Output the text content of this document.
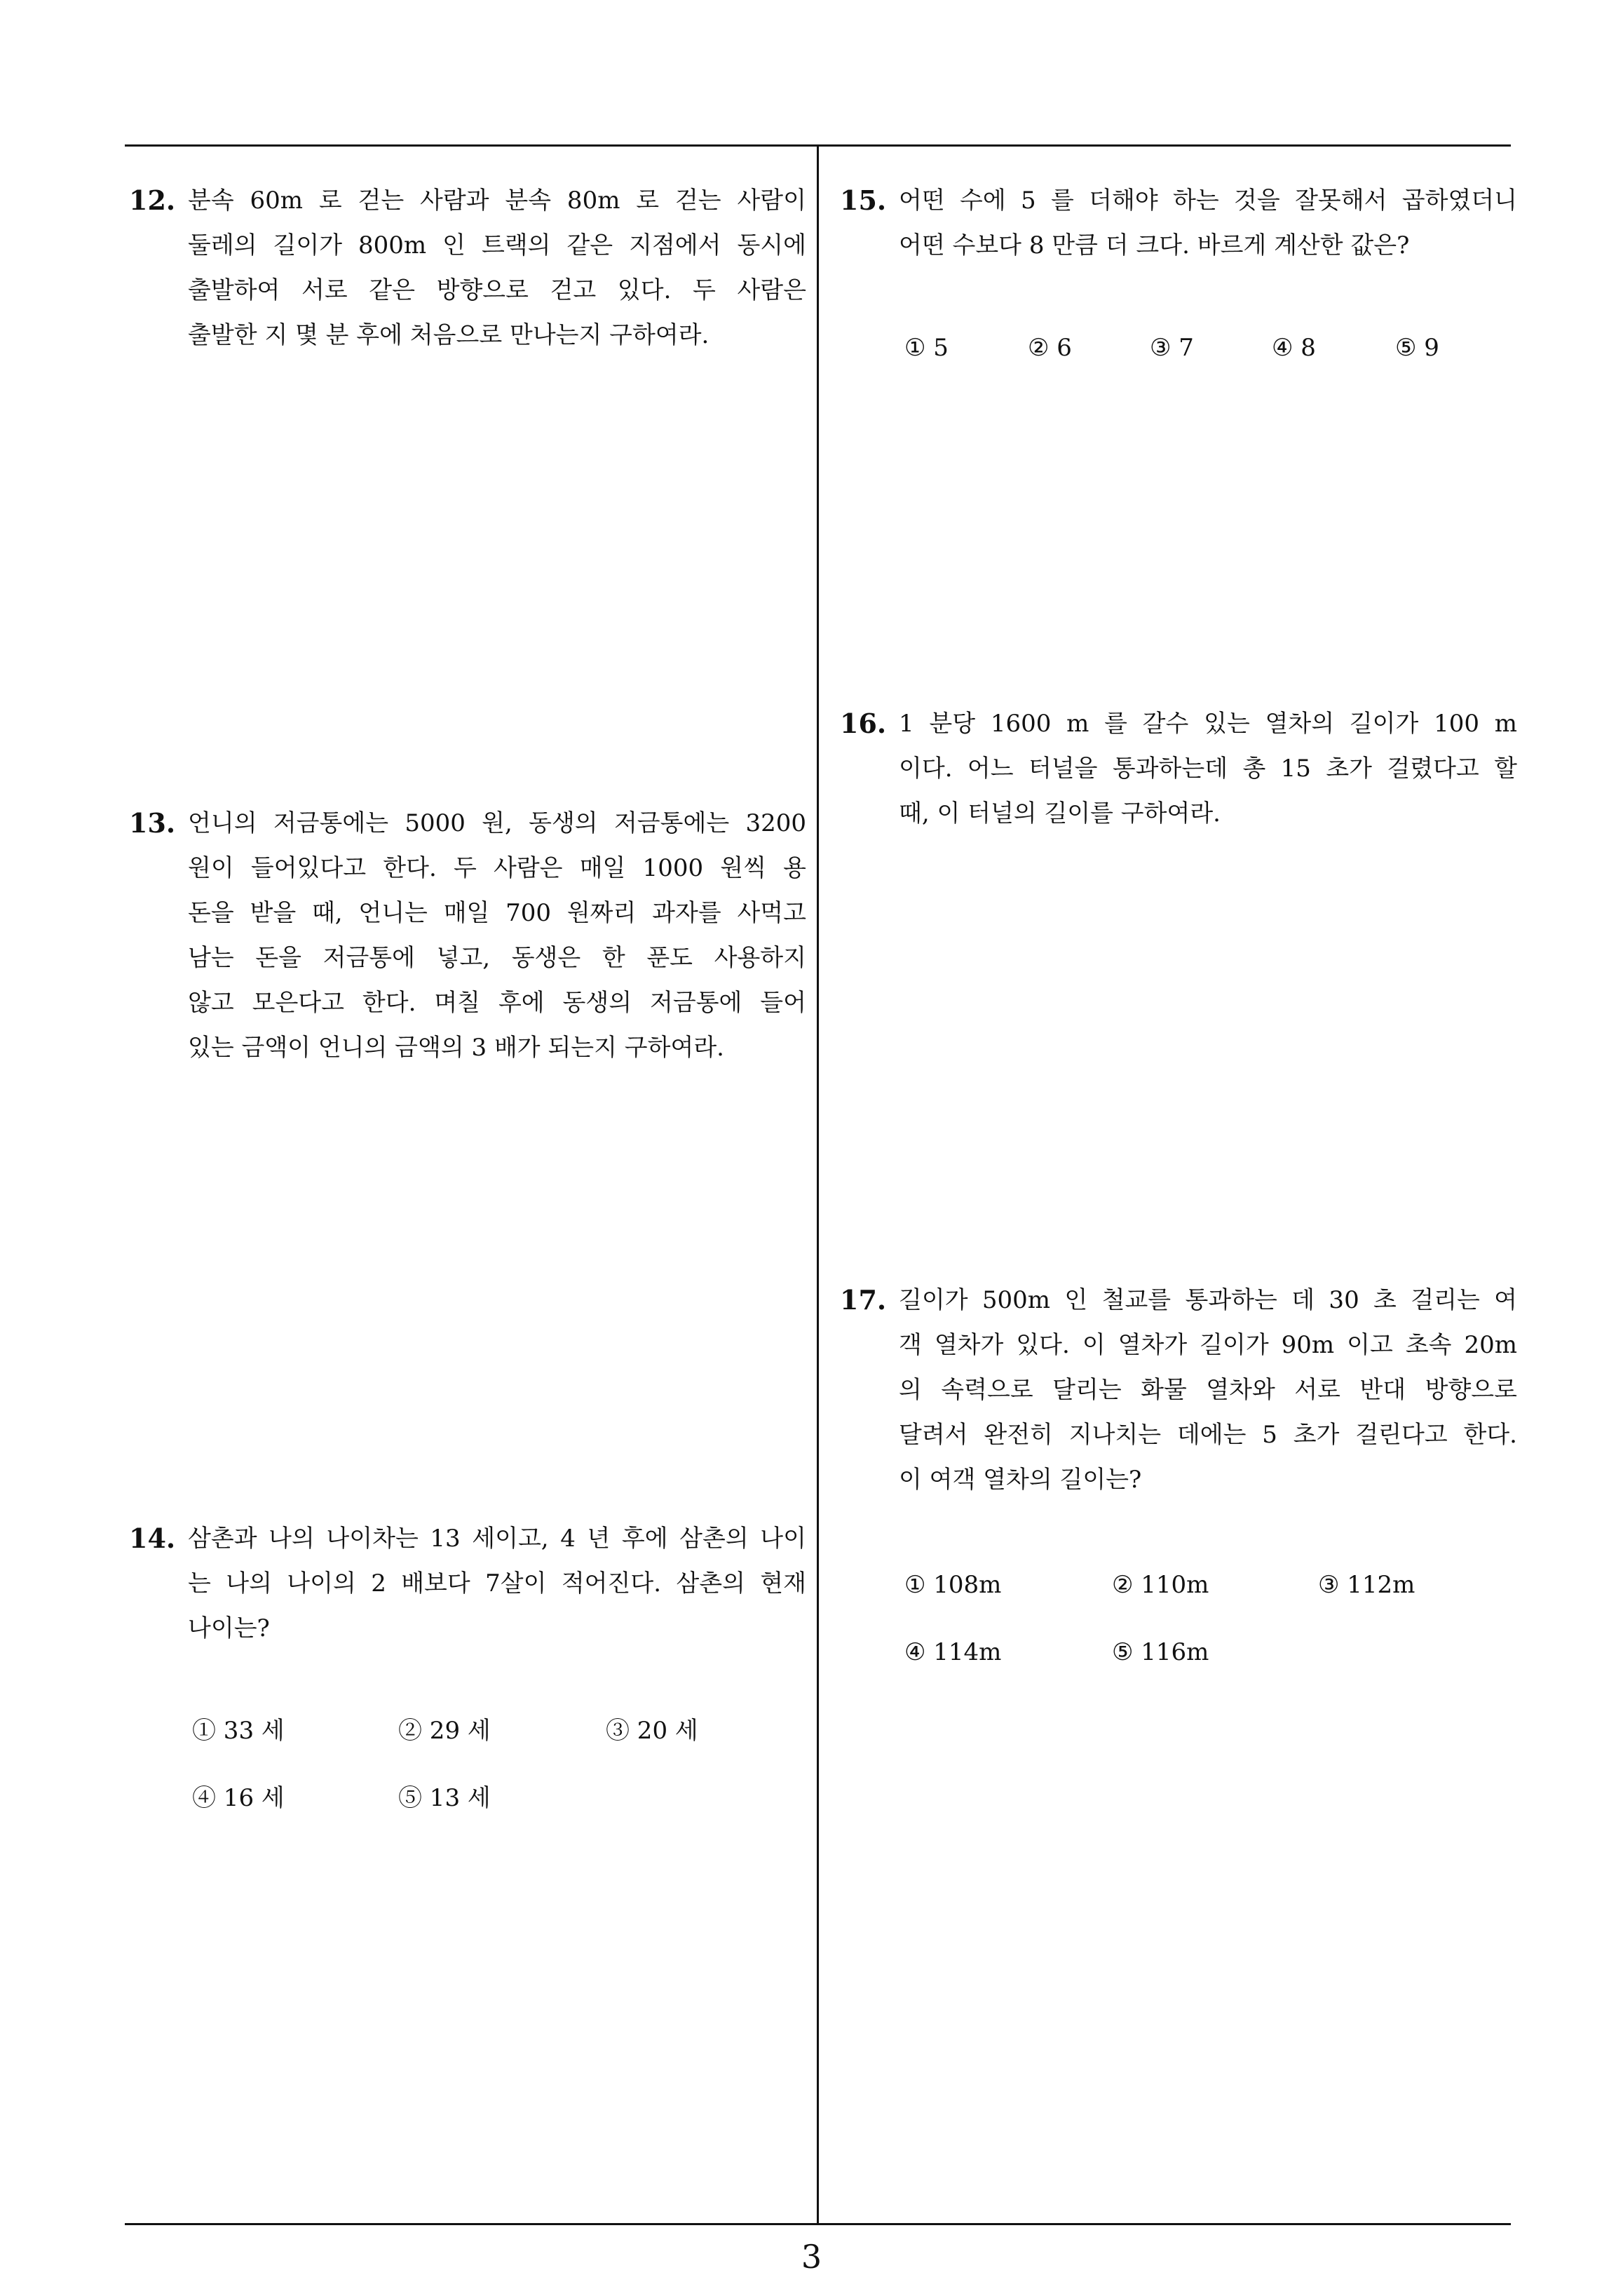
12. 분속 60m 로 걷는 사람과 분속 80m 로 걷는 사람이
둘레의 길이가 800m 인 트랙의 같은 지점에서 동시에
출발하여 서로 같은 방향으로 걷고 있다. 두 사람은
출발한 지 몇 분 후에 처음으로 만나는지 구하여라.
13. 언니의 저금통에는 5000 원, 동생의 저금통에는 3200
원이 들어있다고 한다. 두 사람은 매일 1000 원씩 용
돈을 받을 때, 언니는 매일 700 원짜리 과자를 사먹고
남는 돈을 저금통에 넣고, 동생은 한 푼도 사용하지
않고 모은다고 한다. 며칠 후에 동생의 저금통에 들어
있는 금액이 언니의 금액의 3 배가 되는지 구하여라.
14. 삼촌과 나의 나이차는 13 세이고, 4 년 후에 삼촌의 나이
는 나의 나이의 2 배보다 7살이 적어진다. 삼촌의 현재
나이는?
① 33 세	② 29 세	③ 20 세
④ 16 세	⑤ 13 세
15. 어떤 수에 5 를 더해야 하는 것을 잘못해서 곱하였더니
어떤 수보다 8 만큼 더 크다. 바르게 계산한 값은?
① 5	② 6	③ 7	④ 8	⑤ 9
16. 1 분당 1600 m 를 갈수 있는 열차의 길이가 100 m
이다. 어느 터널을 통과하는데 총 15 초가 걸렸다고 할
때, 이 터널의 길이를 구하여라.
17. 길이가 500m 인 철교를 통과하는 데 30 초 걸리는 여
객 열차가 있다. 이 열차가 길이가 90m 이고 초속 20m
의 속력으로 달리는 화물 열차와 서로 반대 방향으로
달려서 완전히 지나치는 데에는 5 초가 걸린다고 한다.
이 여객 열차의 길이는?
① 108m	② 110m	③ 112m
④ 114m	⑤ 116m
3
